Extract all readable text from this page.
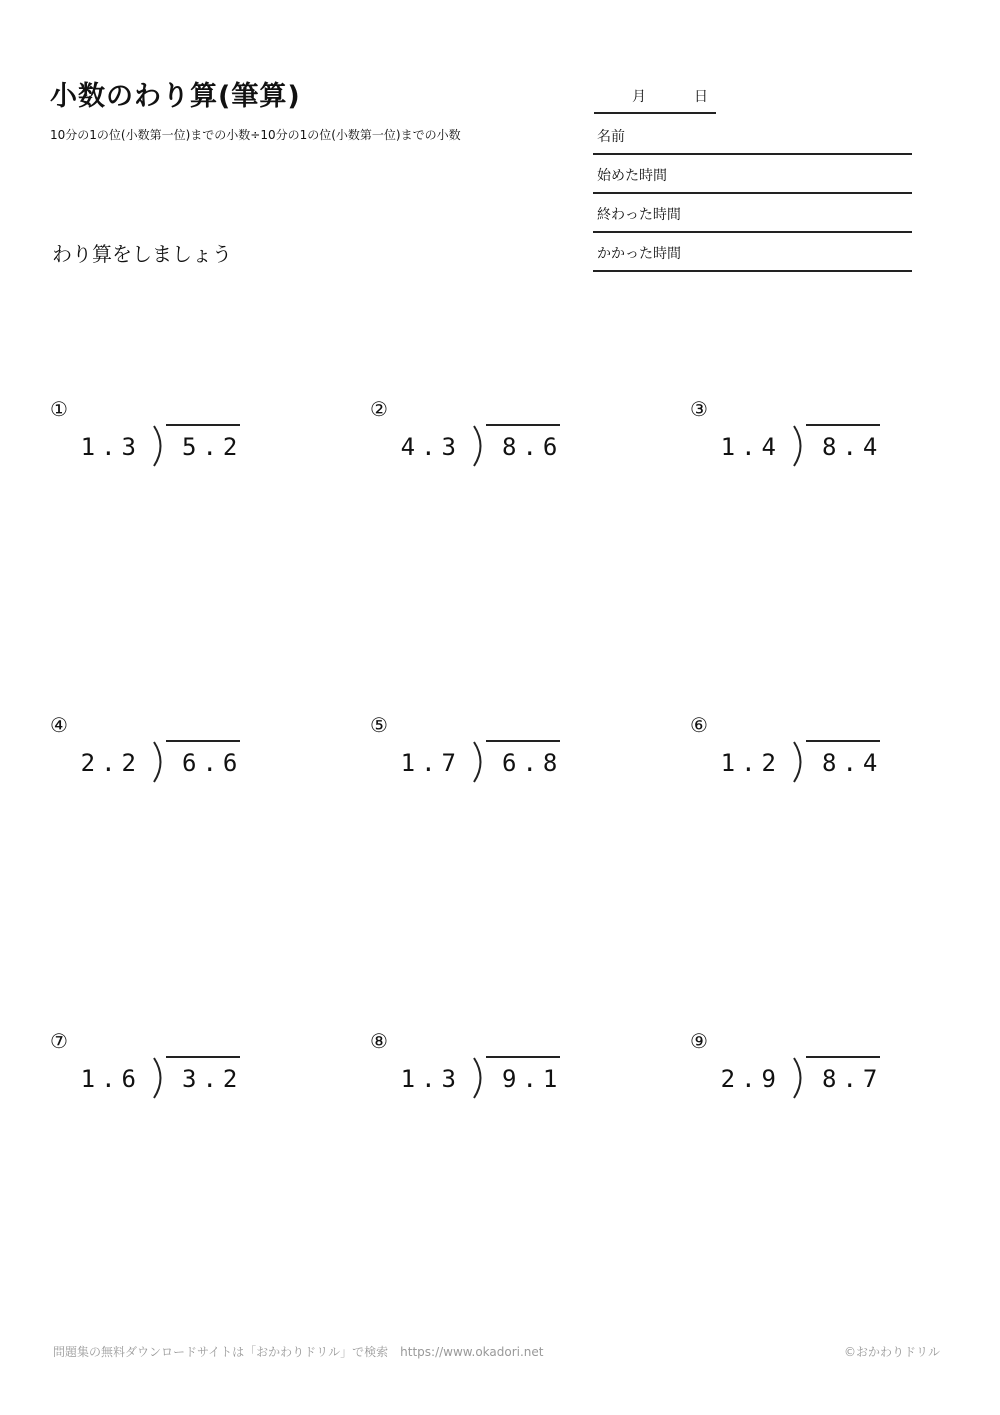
小数のわり算(筆算)
10分の1の位(小数第一位)までの小数÷10分の1の位(小数第一位)までの小数
わり算をしましょう
月	日
名前
始めた時間
終わった時間
かかった時間
①
1.3 5.2
②
4.3 8.6
③
1.4 8.4
④
2.2 6.6
⑤
1.7 6.8
⑥
1.2 8.4
⑦
1.6 3.2
⑧
1.3 9.1
⑨
2.9 8.7
問題集の無料ダウンロードサイトは「おかわりドリル」で検索　https://www.okadori.net	©おかわりドリル
